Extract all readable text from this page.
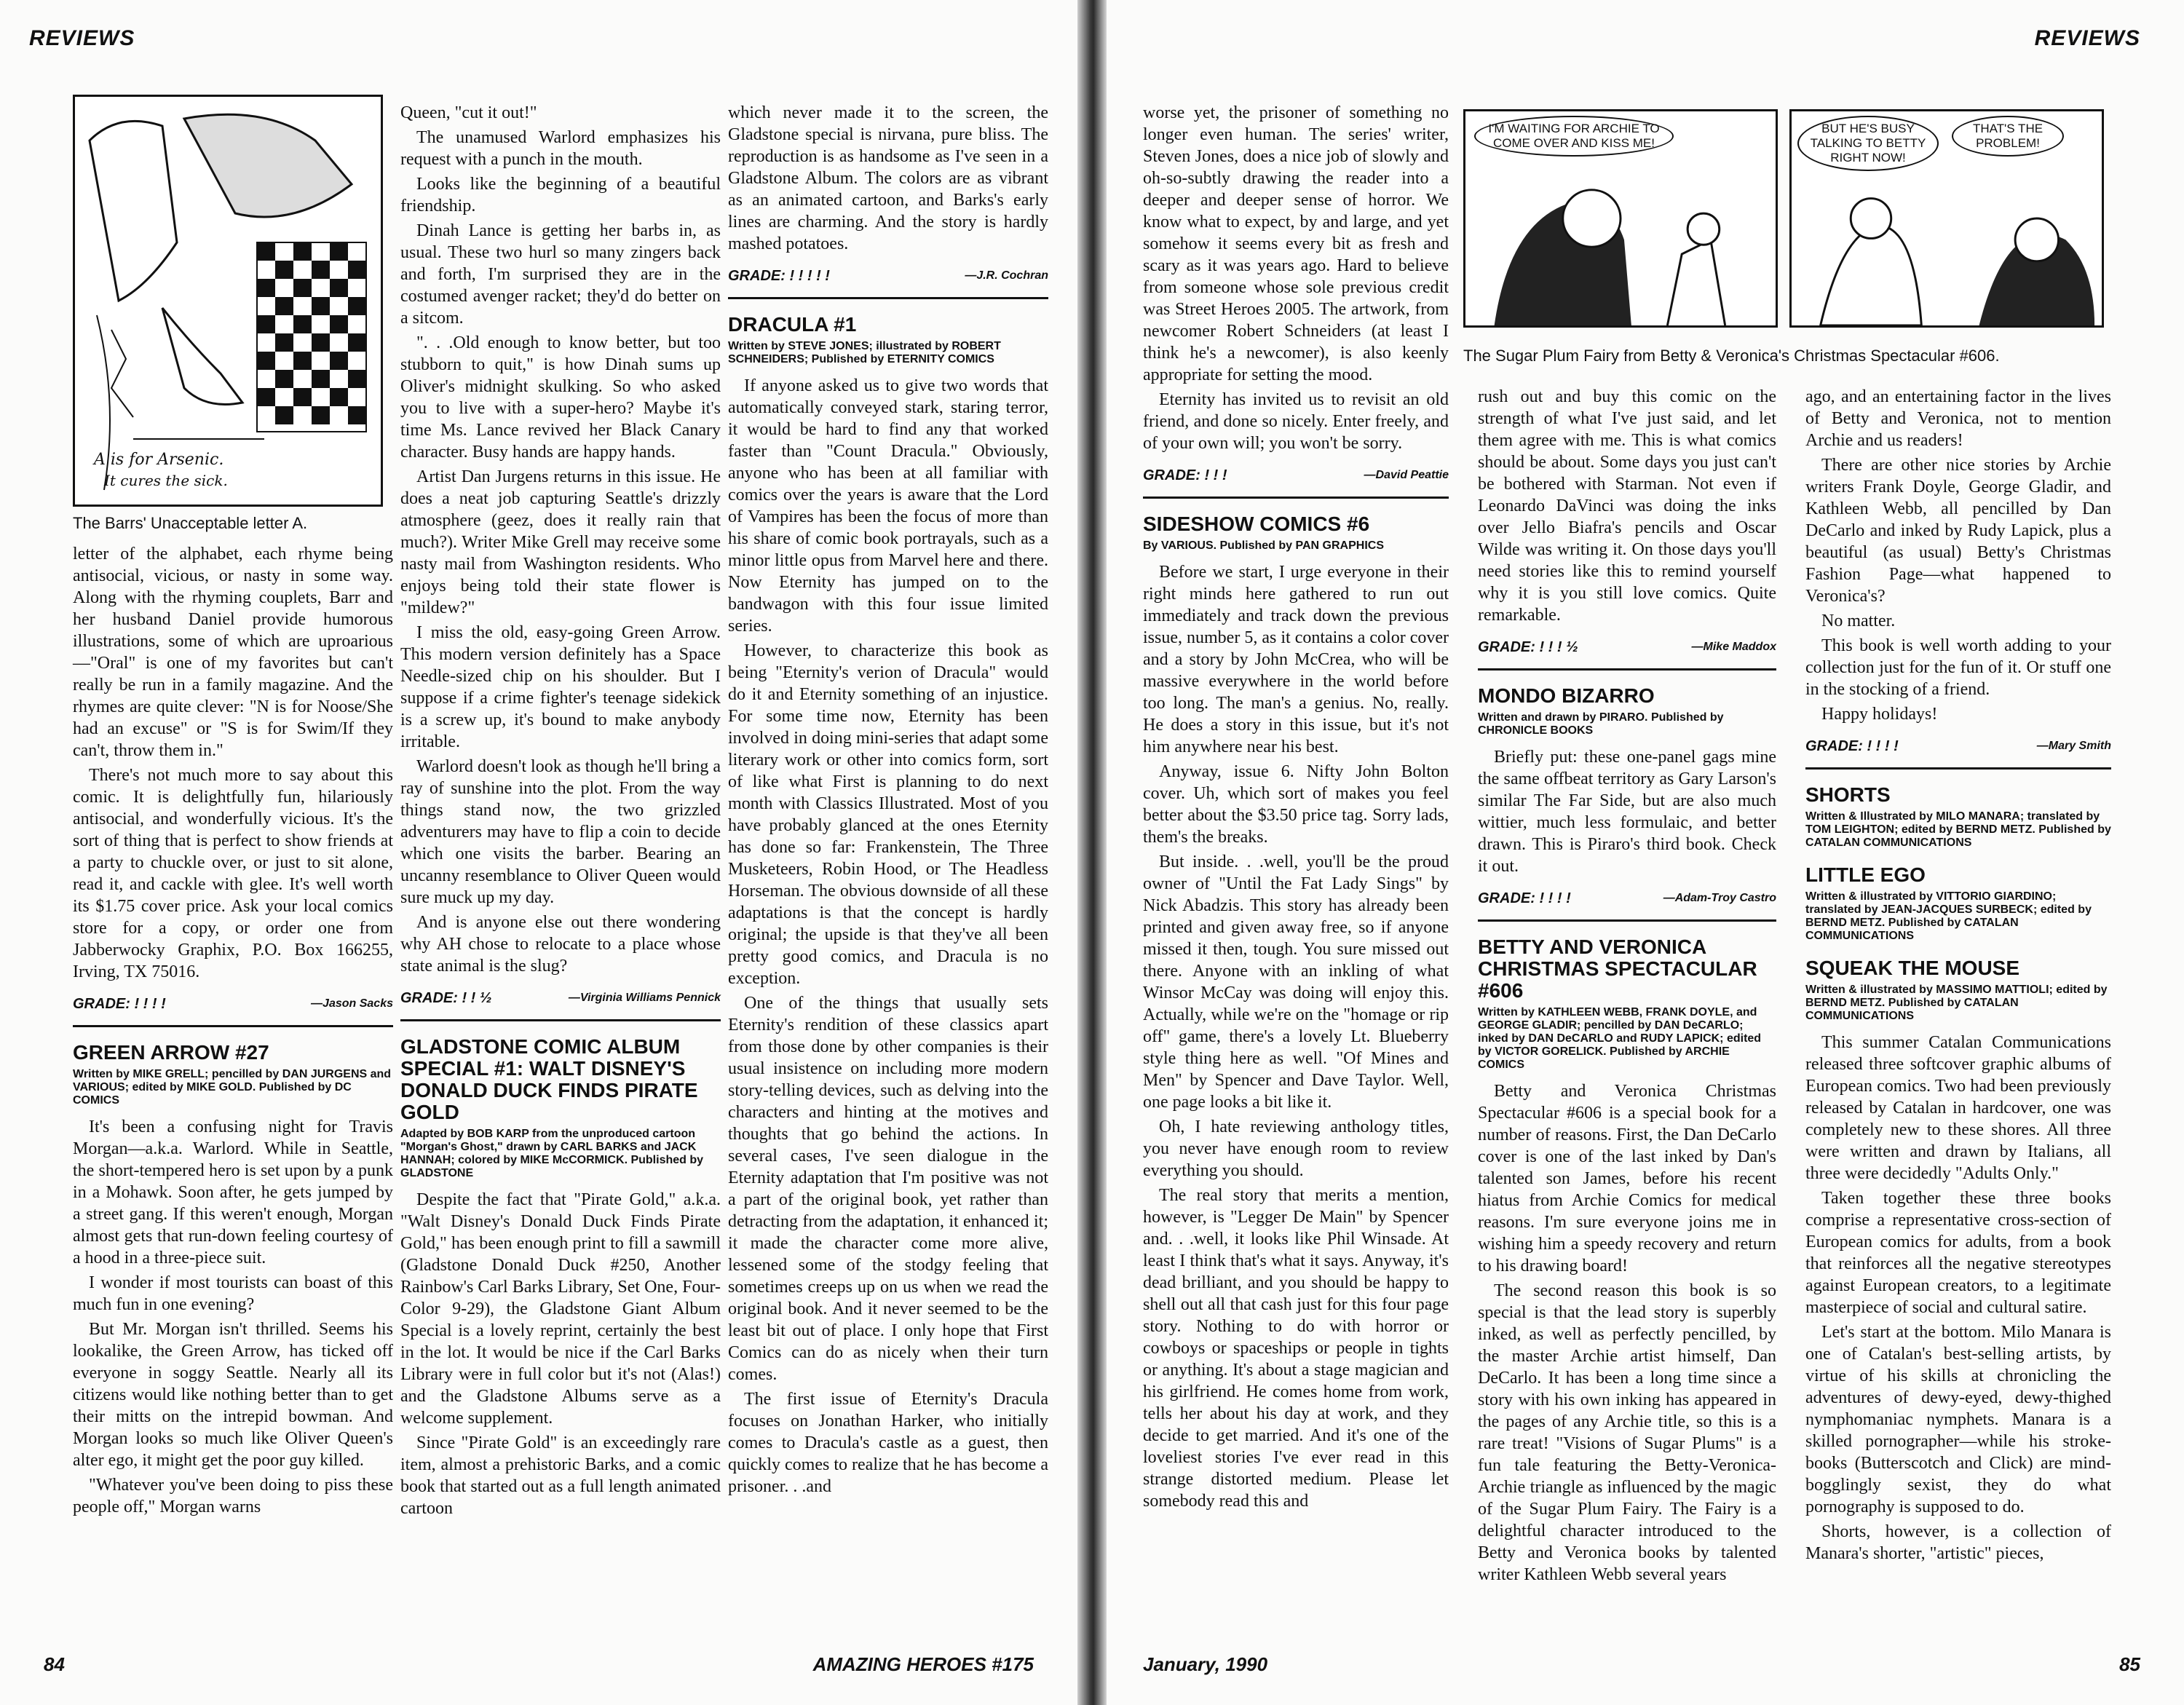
REVIEWS
A is for Arsenic.
It cures the sick.
The Barrs' Unacceptable letter A.

letter of the alphabet, each rhyme being antisocial, vicious, or nasty in some way. Along with the rhyming couplets, Barr and her husband Daniel provide humorous illustrations, some of which are uproarious—"Oral" is one of my favorites but can't really be run in a family magazine. And the rhymes are quite clever: "N is for Noose/She had an excuse" or "S is for Swim/If they can't, throw them in."

There's not much more to say about this comic. It is delightfully fun, hilariously antisocial, and wonderfully vicious. It's the sort of thing that is perfect to show friends at a party to chuckle over, or just to sit alone, read it, and cackle with glee. It's well worth its $1.75 cover price. Ask your local comics store for a copy, or order one from Jabberwocky Graphix, P.O. Box 166255, Irving, TX 75016.

GRADE: ! ! ! !	—Jason Sacks
GREEN ARROW #27
Written by MIKE GRELL; pencilled by DAN JURGENS and VARIOUS; edited by MIKE GOLD. Published by DC COMICS

It's been a confusing night for Travis Morgan—a.k.a. Warlord. While in Seattle, the short-tempered hero is set upon by a punk in a Mohawk. Soon after, he gets jumped by a street gang. If this weren't enough, Morgan almost gets that run-down feeling courtesy of a hood in a three-piece suit.

I wonder if most tourists can boast of this much fun in one evening?

But Mr. Morgan isn't thrilled. Seems his lookalike, the Green Arrow, has ticked off everyone in soggy Seattle. Nearly all its citizens would like nothing better than to get their mitts on the intrepid bowman. And Morgan looks so much like Oliver Queen's alter ego, it might get the poor guy killed.

"Whatever you've been doing to piss these people off," Morgan warns

Queen, "cut it out!"

The unamused Warlord emphasizes his request with a punch in the mouth.

Looks like the beginning of a beautiful friendship.

Dinah Lance is getting her barbs in, as usual. These two hurl so many zingers back and forth, I'm surprised they are in the costumed avenger racket; they'd do better on a sitcom.

". . .Old enough to know better, but too stubborn to quit," is how Dinah sums up Oliver's midnight skulking. So who asked you to live with a super-hero? Maybe it's time Ms. Lance revived her Black Canary character. Busy hands are happy hands.

Artist Dan Jurgens returns in this issue. He does a neat job capturing Seattle's drizzly atmosphere (geez, does it really rain that much?). Writer Mike Grell may receive some nasty mail from Washington residents. Who enjoys being told their state flower is "mildew?"

I miss the old, easy-going Green Arrow. This modern version definitely has a Space Needle-sized chip on his shoulder. But I suppose if a crime fighter's teenage sidekick is a screw up, it's bound to make anybody irritable.

Warlord doesn't look as though he'll bring a ray of sunshine into the plot. From the way things stand now, the two grizzled adventurers may have to flip a coin to decide which one visits the barber. Bearing an uncanny resemblance to Oliver Queen would sure muck up my day.

And is anyone else out there wondering why AH chose to relocate to a place whose state animal is the slug?

GRADE: ! ! ½	—Virginia Williams Pennick
GLADSTONE COMIC ALBUM SPECIAL #1: WALT DISNEY'S DONALD DUCK FINDS PIRATE GOLD
Adapted by BOB KARP from the unproduced cartoon "Morgan's Ghost," drawn by CARL BARKS and JACK HANNAH; colored by MIKE McCORMICK. Published by GLADSTONE

Despite the fact that "Pirate Gold," a.k.a. "Walt Disney's Donald Duck Finds Pirate Gold," has been enough print to fill a sawmill (Gladstone Donald Duck #250, Another Rainbow's Carl Barks Library, Set One, Four-Color 9-29), the Gladstone Giant Album Special is a lovely reprint, certainly the best in the lot. It would be nice if the Carl Barks Library were in full color but it's not (Alas!) and the Gladstone Albums serve as a welcome supplement.

Since "Pirate Gold" is an exceedingly rare item, almost a prehistoric Barks, and a comic book that started out as a full length animated cartoon

which never made it to the screen, the Gladstone special is nirvana, pure bliss. The reproduction is as handsome as I've seen in a Gladstone Album. The colors are as vibrant as an animated cartoon, and Barks's early lines are charming. And the story is hardly mashed potatoes.

GRADE: ! ! ! ! !	—J.R. Cochran
DRACULA #1
Written by STEVE JONES; illustrated by ROBERT SCHNEIDERS; Published by ETERNITY COMICS

If anyone asked us to give two words that automatically conveyed stark, staring terror, it would be hard to find any that worked faster than "Count Dracula." Obviously, anyone who has been at all familiar with comics over the years is aware that the Lord of Vampires has been the focus of more than his share of comic book portrayals, such as a minor little opus from Marvel here and there. Now Eternity has jumped on to the bandwagon with this four issue limited series.

However, to characterize this book as being "Eternity's verion of Dracula" would do it and Eternity something of an injustice. For some time now, Eternity has been involved in doing mini-series that adapt some literary work or other into comics form, sort of like what First is planning to do next month with Classics Illustrated. Most of you have probably glanced at the ones Eternity has done so far: Frankenstein, The Three Musketeers, Robin Hood, or The Headless Horseman. The obvious downside of all these adaptations is that the concept is hardly original; the upside is that they've all been pretty good comics, and Dracula is no exception.

One of the things that usually sets Eternity's rendition of these classics apart from those done by other companies is their usual insistence on including more modern story-telling devices, such as delving into the characters and hinting at the motives and thoughts that go behind the actions. In several cases, I've seen dialogue in the Eternity adaptation that I'm positive was not a part of the original book, yet rather than detracting from the adaptation, it enhanced it; it made the character come more alive, lessened some of the stodgy feeling that sometimes creeps up on us when we read the original book. And it never seemed to be the least bit out of place. I only hope that First Comics can do as nicely when their turn comes.

The first issue of Eternity's Dracula focuses on Jonathan Harker, who initially comes to Dracula's castle as a guest, then quickly comes to realize that he has become a prisoner. . .and

84	AMAZING HEROES #175
REVIEWS

worse yet, the prisoner of something no longer even human. The series' writer, Steven Jones, does a nice job of slowly and oh-so-subtly drawing the reader into a deeper and deeper sense of horror. We know what to expect, by and large, and yet somehow it seems every bit as fresh and scary as it was years ago. Hard to believe from someone whose sole previous credit was Street Heroes 2005. The artwork, from newcomer Robert Schneiders (at least I think he's a newcomer), is also keenly appropriate for setting the mood.

Eternity has invited us to revisit an old friend, and done so nicely. Enter freely, and of your own will; you won't be sorry.

GRADE: ! ! !	—David Peattie
SIDESHOW COMICS #6
By VARIOUS. Published by PAN GRAPHICS

Before we start, I urge everyone in their right minds here gathered to run out immediately and track down the previous issue, number 5, as it contains a color cover and a story by John McCrea, who will be massive everywhere in the world before too long. The man's a genius. No, really. He does a story in this issue, but it's not him anywhere near his best.

Anyway, issue 6. Nifty John Bolton cover. Uh, which sort of makes you feel better about the $3.50 price tag. Sorry lads, them's the breaks.

But inside. . .well, you'll be the proud owner of "Until the Fat Lady Sings" by Nick Abadzis. This story has already been printed and given away free, so if anyone missed it then, tough. You sure missed out there. Anyone with an inkling of what Winsor McCay was doing will enjoy this. Actually, while we're on the "homage or rip off" game, there's a lovely Lt. Blueberry style thing here as well. "Of Mines and Men" by Spencer and Dave Taylor. Well, one page looks a bit like it.

Oh, I hate reviewing anthology titles, you never have enough room to review everything you should.

The real story that merits a mention, however, is "Legger De Main" by Spencer and. . .well, it looks like Phil Winsade. At least I think that's what it says. Anyway, it's dead brilliant, and you should be happy to shell out all that cash just for this four page story. Nothing to do with horror or cowboys or spaceships or people in tights or anything. It's about a stage magician and his girlfriend. He comes home from work, tells her about his day at work, and they decide to get married. And it's one of the loveliest stories I've ever read in this strange distorted medium. Please let somebody read this and

I'M WAITING FOR ARCHIE TO COME OVER AND KISS ME!
BUT HE'S BUSY TALKING TO BETTY RIGHT NOW!
THAT'S THE PROBLEM!
The Sugar Plum Fairy from Betty & Veronica's Christmas Spectacular #606.

rush out and buy this comic on the strength of what I've just said, and let them agree with me. This is what comics should be about. Some days you just can't be bothered with Starman. Not even if Leonardo DaVinci was doing the inks over Jello Biafra's pencils and Oscar Wilde was writing it. On those days you'll need stories like this to remind yourself why it is you still love comics. Quite remarkable.

GRADE: ! ! ! ½	—Mike Maddox
MONDO BIZARRO
Written and drawn by PIRARO. Published by CHRONICLE BOOKS

Briefly put: these one-panel gags mine the same offbeat territory as Gary Larson's similar The Far Side, but are also much wittier, much less formulaic, and better drawn. This is Piraro's third book. Check it out.

GRADE: ! ! ! !	—Adam-Troy Castro
BETTY AND VERONICA CHRISTMAS SPECTACULAR #606
Written by KATHLEEN WEBB, FRANK DOYLE, and GEORGE GLADIR; pencilled by DAN DeCARLO; inked by DAN DeCARLO and RUDY LAPICK; edited by VICTOR GORELICK. Published by ARCHIE COMICS

Betty and Veronica Christmas Spectacular #606 is a special book for a number of reasons. First, the Dan DeCarlo cover is one of the last inked by Dan's talented son James, before his recent hiatus from Archie Comics for medical reasons. I'm sure everyone joins me in wishing him a speedy recovery and return to his drawing board!

The second reason this book is so special is that the lead story is superbly inked, as well as perfectly pencilled, by the master Archie artist himself, Dan DeCarlo. It has been a long time since a story with his own inking has appeared in the pages of any Archie title, so this is a rare treat! "Visions of Sugar Plums" is a fun tale featuring the Betty-Veronica-Archie triangle as influenced by the magic of the Sugar Plum Fairy. The Fairy is a delightful character introduced to the Betty and Veronica books by talented writer Kathleen Webb several years

ago, and an entertaining factor in the lives of Betty and Veronica, not to mention Archie and us readers!

There are other nice stories by Archie writers Frank Doyle, George Gladir, and Kathleen Webb, all pencilled by Dan DeCarlo and inked by Rudy Lapick, plus a beautiful (as usual) Betty's Christmas Fashion Page—what happened to Veronica's?

No matter.

This book is well worth adding to your collection just for the fun of it. Or stuff one in the stocking of a friend.

Happy holidays!

GRADE: ! ! ! !	—Mary Smith
SHORTS
Written & Illustrated by MILO MANARA; translated by TOM LEIGHTON; edited by BERND METZ. Published by CATALAN COMMUNICATIONS
LITTLE EGO
Written & illustrated by VITTORIO GIARDINO; translated by JEAN-JACQUES SURBECK; edited by BERND METZ. Published by CATALAN COMMUNICATIONS
SQUEAK THE MOUSE
Written & illustrated by MASSIMO MATTIOLI; edited by BERND METZ. Published by CATALAN COMMUNICATIONS

This summer Catalan Communications released three softcover graphic albums of European comics. Two had been previously released by Catalan in hardcover, one was completely new to these shores. All three were written and drawn by Italians, all three were decidedly "Adults Only."

Taken together these three books comprise a representative cross-section of European comics for adults, from a book that reinforces all the negative stereotypes against European creators, to a legitimate masterpiece of social and cultural satire.

Let's start at the bottom. Milo Manara is one of Catalan's best-selling artists, by virtue of his skills at chronicling the adventures of dewy-eyed, dewy-thighed nymphomaniac nymphets. Manara is a skilled pornographer—while his stroke-books (Butterscotch and Click) are mind-bogglingly sexist, they do what pornography is supposed to do.

Shorts, however, is a collection of Manara's shorter, "artistic" pieces,

January, 1990	85
